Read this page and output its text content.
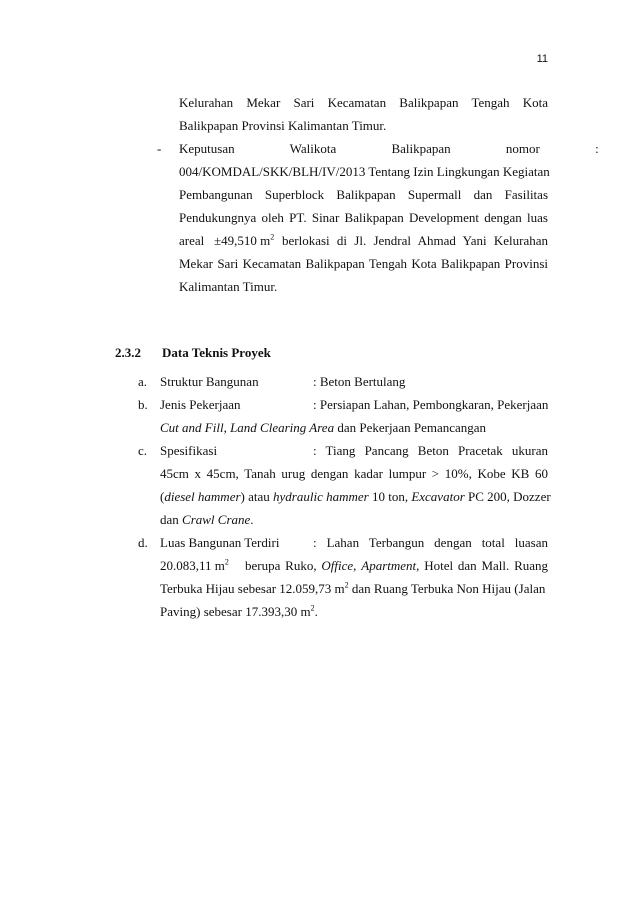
11
Kelurahan Mekar Sari Kecamatan Balikpapan Tengah Kota
Balikpapan Provinsi Kalimantan Timur.
- Keputusan Walikota Balikpapan nomor :
004/KOMDAL/SKK/BLH/IV/2013 Tentang Izin Lingkungan Kegiatan
Pembangunan Superblock Balikpapan Supermall dan Fasilitas
Pendukungnya oleh PT. Sinar Balikpapan Development dengan luas
areal ±49,510 $m^2$ berlokasi di Jl. Jendral Ahmad Yani Kelurahan
Mekar Sari Kecamatan Balikpapan Tengah Kota Balikpapan Provinsi
Kalimantan Timur.
2.3.2 Data Teknis Proyek
a. Struktur Bangunan	: Beton Bertulang
b. Jenis Pekerjaan	: Persiapan Lahan, Pembongkaran, Pekerjaan
Cut and Fill, Land Clearing Area dan Pekerjaan Pemancangan
c. Spesifikasi	: Tiang Pancang Beton Pracetak ukuran
45cm x 45cm, Tanah urug dengan kadar lumpur > 10%, Kobe KB 60
(diesel hammer) atau hydraulic hammer 10 ton, Excavator PC 200, Dozzer
dan Crawl Crane.
d. Luas Bangunan Terdiri	: Lahan Terbangun dengan total luasan
20.083,11 $m^2$ berupa Ruko, Office, Apartment, Hotel dan Mall. Ruang
Terbuka Hijau sebesar 12.059,73 $m^2$ dan Ruang Terbuka Non Hijau (Jalan
Paving) sebesar 17.393,30 $m^2$.
